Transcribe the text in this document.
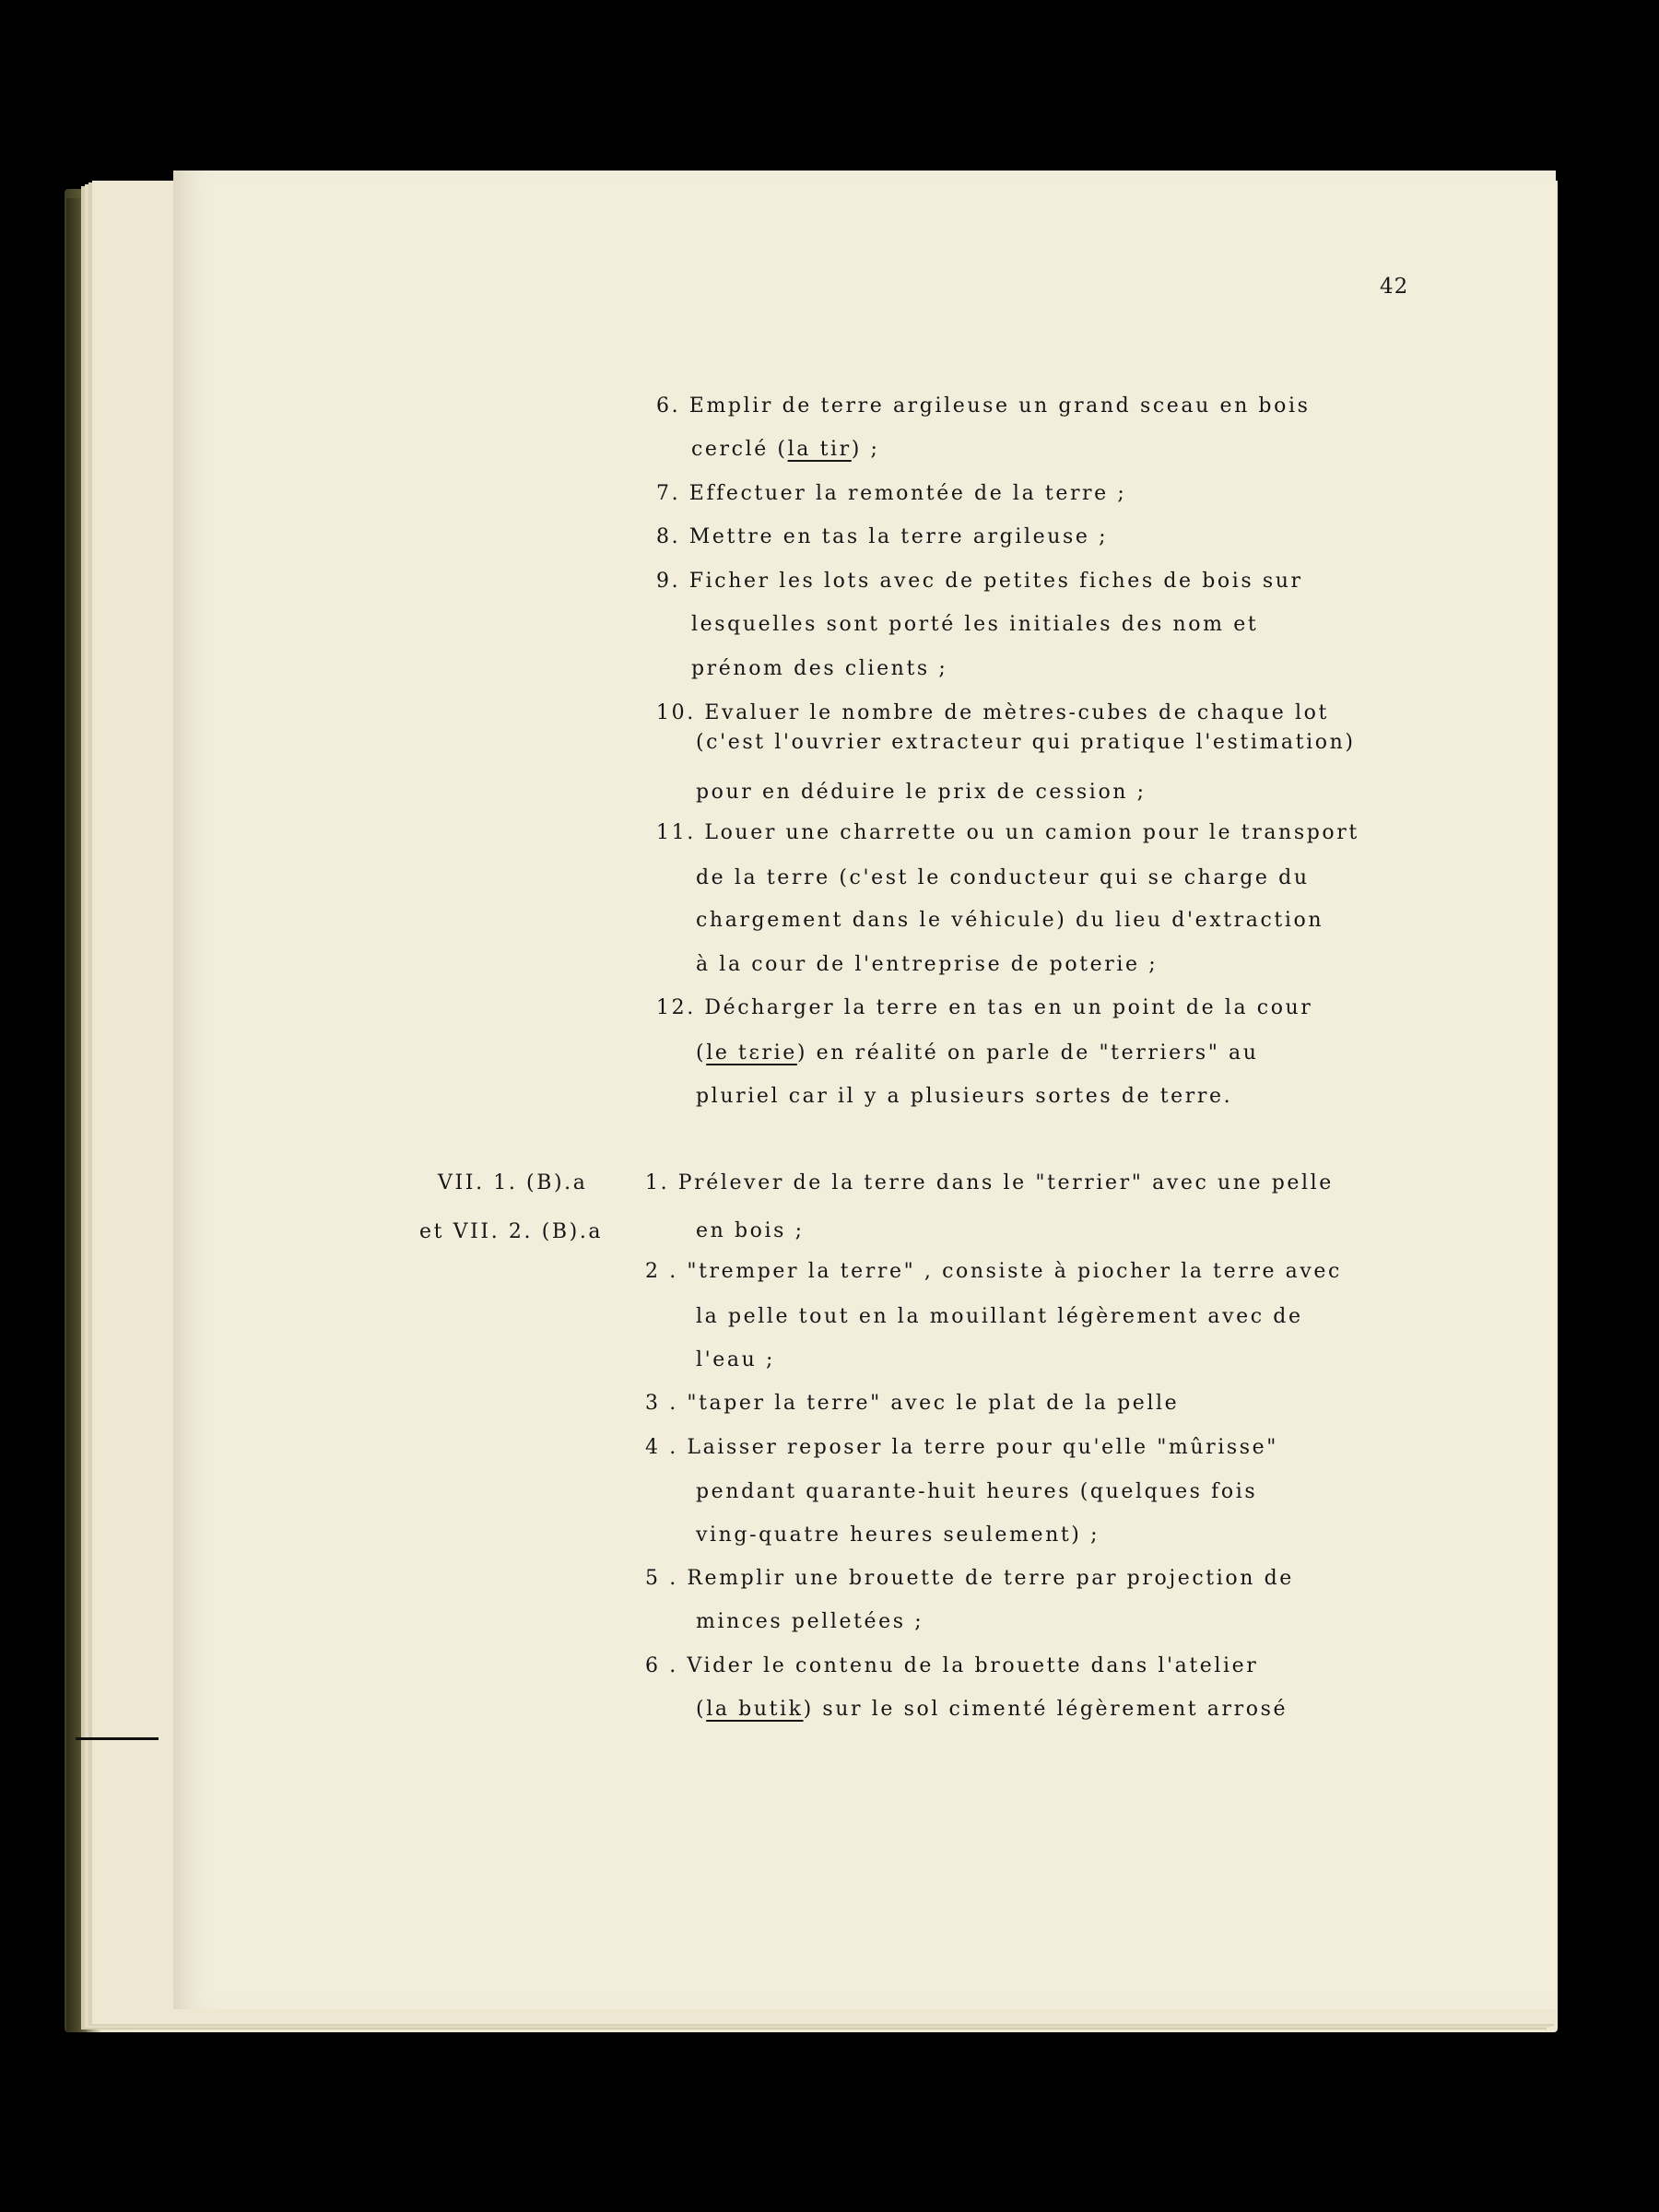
42
6. Emplir de terre argileuse un grand sceau en bois
cerclé (la tir) ;
7. Effectuer la remontée de la terre ;
8. Mettre en tas la terre argileuse ;
9. Ficher les lots avec de petites fiches de bois sur
lesquelles sont porté les initiales des nom et
prénom des clients ;
10. Evaluer le nombre de mètres-cubes de chaque lot
(c'est l'ouvrier extracteur qui pratique l'estimation)
pour en déduire le prix de cession ;
11. Louer une charrette ou un camion pour le transport
de la terre (c'est le conducteur qui se charge du
chargement dans le véhicule) du lieu d'extraction
à la cour de l'entreprise de poterie ;
12. Décharger la terre en tas en un point de la cour
(le tɛrie) en réalité on parle de "terriers" au
pluriel car il y a plusieurs sortes de terre.
1. Prélever de la terre dans le "terrier" avec une pelle
en bois ;
2 . "tremper la terre" , consiste à piocher la terre avec
la pelle tout en la mouillant légèrement avec de
l'eau ;
3 . "taper la terre" avec le plat de la pelle
4 . Laisser reposer la terre pour qu'elle "mûrisse"
pendant quarante-huit heures (quelques fois
ving-quatre heures seulement) ;
5 . Remplir une brouette de terre par projection de
minces pelletées ;
6 . Vider le contenu de la brouette dans l'atelier
(la butik) sur le sol cimenté légèrement arrosé
VII. 1. (B).a
et VII. 2. (B).a
